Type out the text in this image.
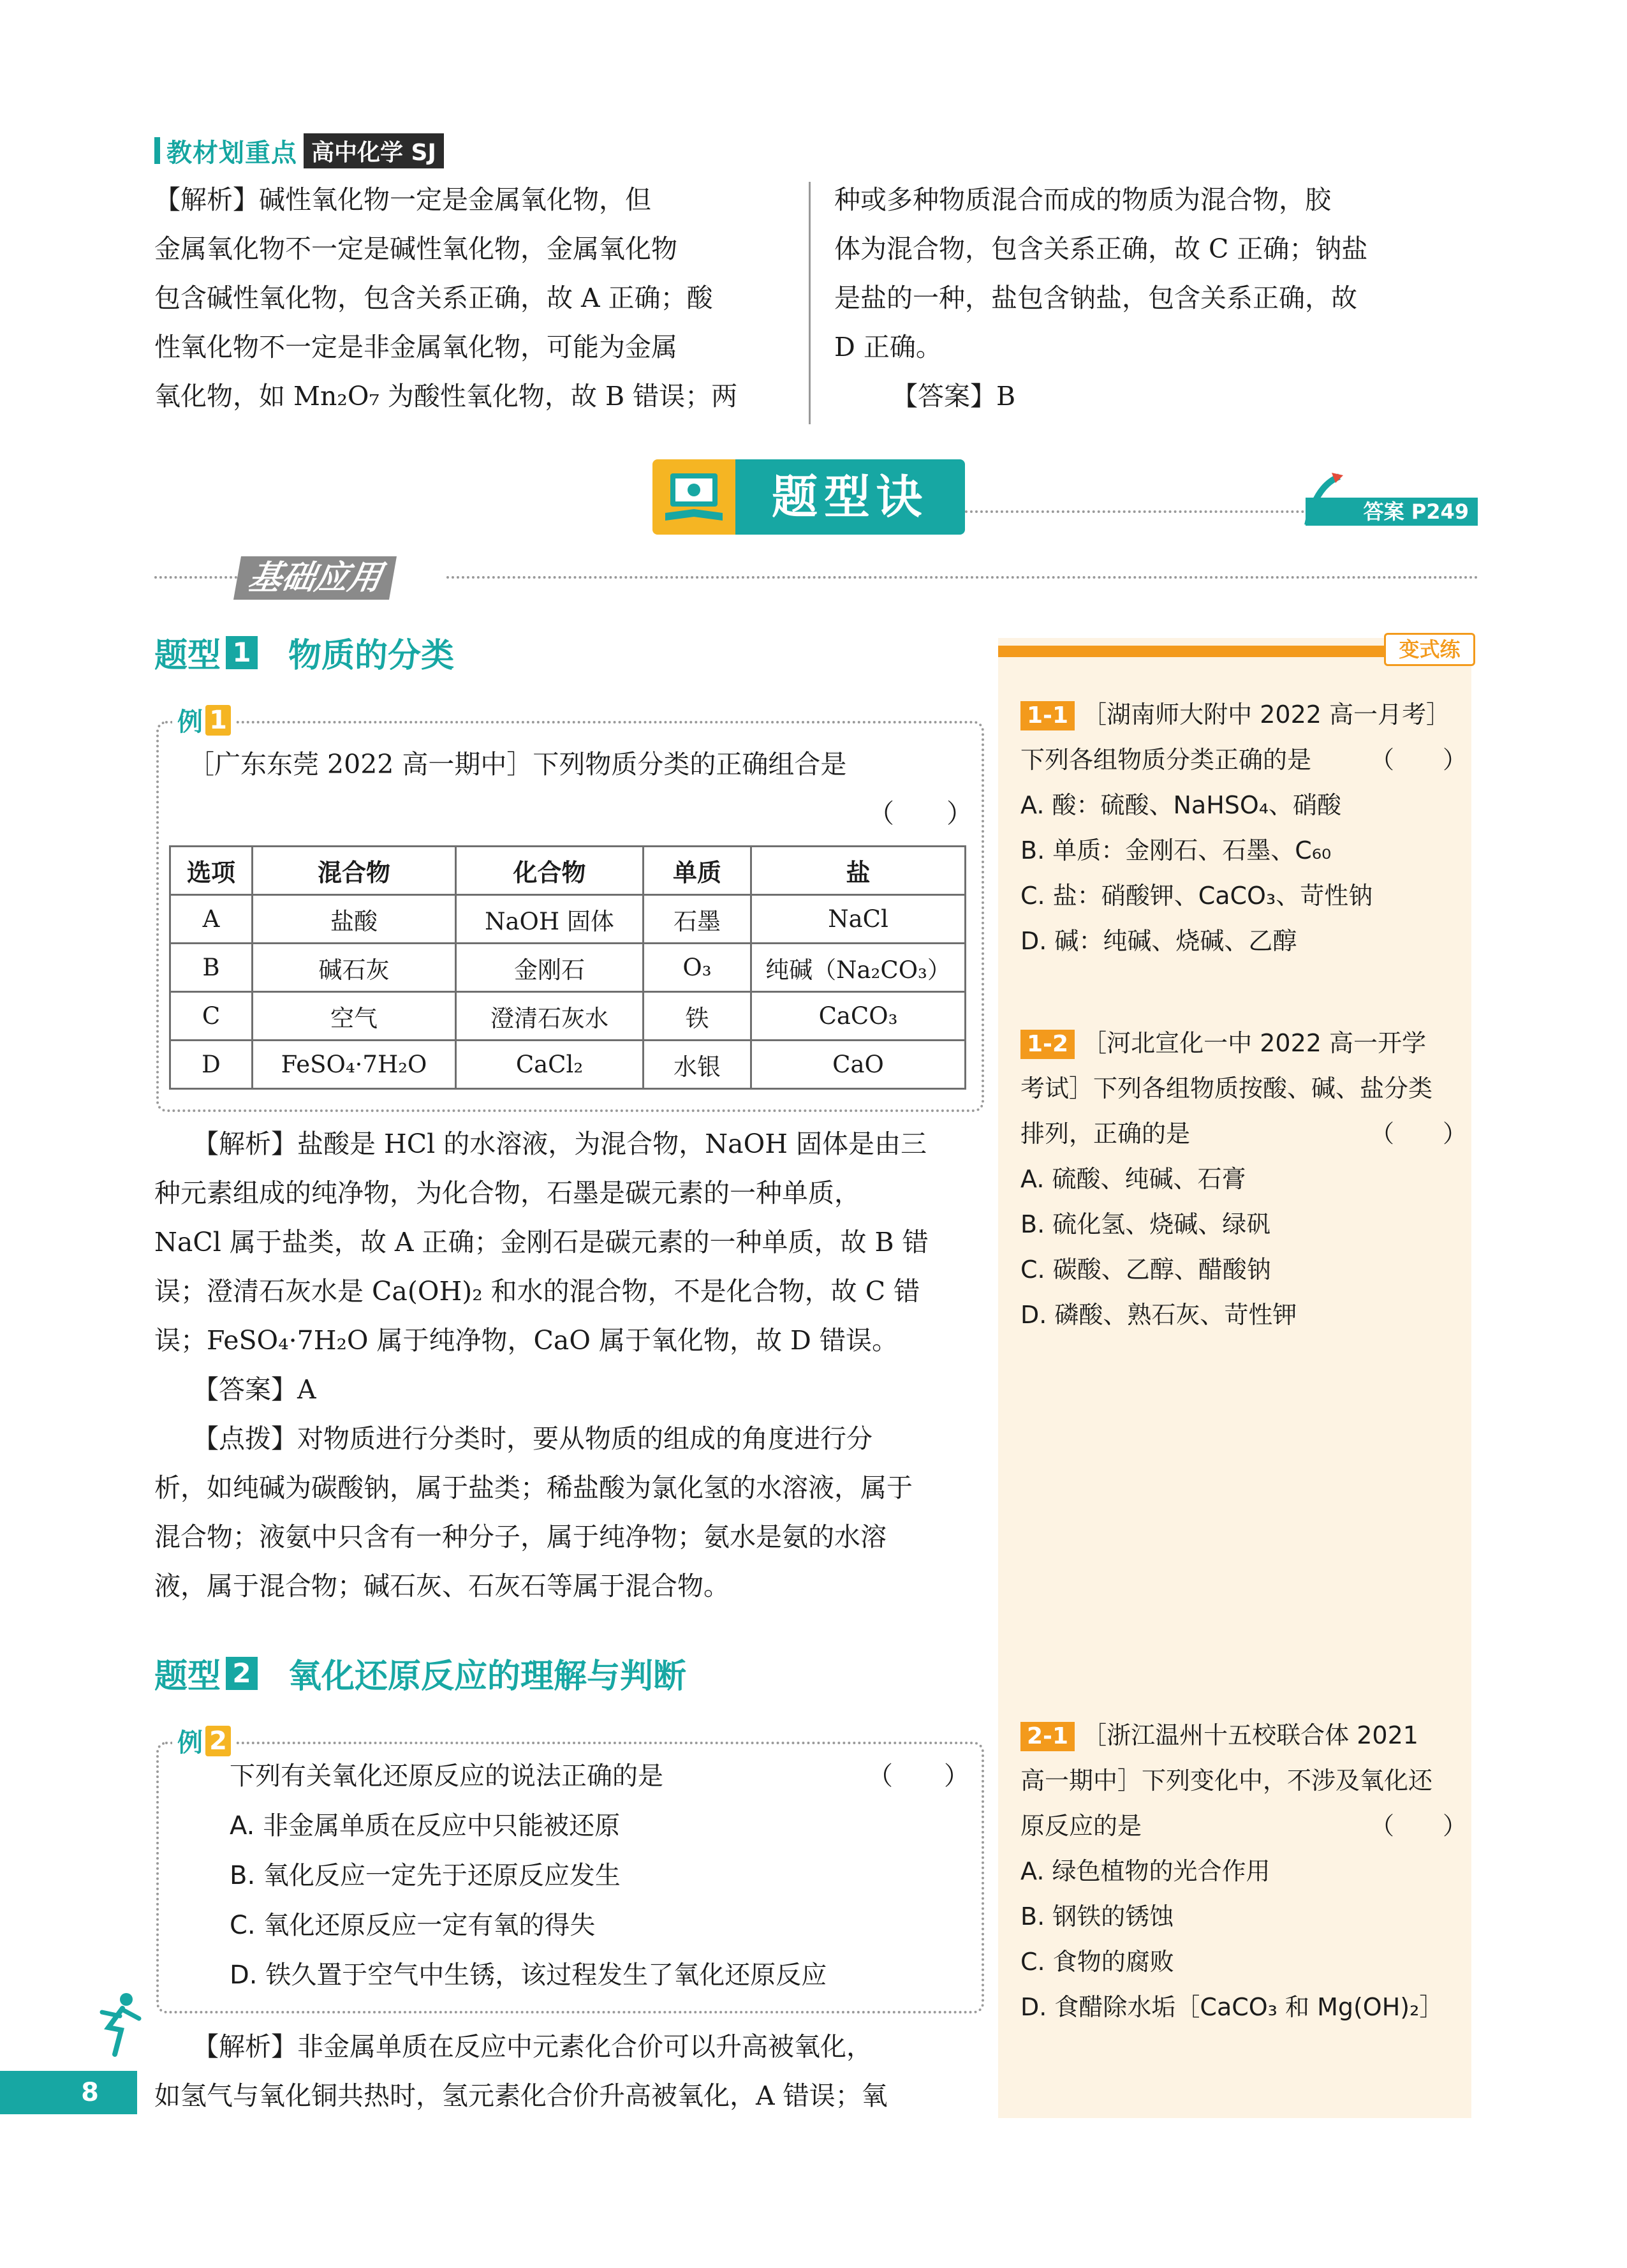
教材划重点 高中化学 SJ

【解析】碱性氧化物一定是金属氧化物，但

金属氧化物不一定是碱性氧化物，金属氧化物

包含碱性氧化物，包含关系正确，故 A 正确；酸

性氧化物不一定是非金属氧化物，可能为金属

氧化物，如 Mn₂O₇ 为酸性氧化物，故 B 错误；两

种或多种物质混合而成的物质为混合物，胶

体为混合物，包含关系正确，故 C 正确；钠盐

是盐的一种，盐包含钠盐，包含关系正确，故

D 正确。

【答案】B

题型诀	答案 P249
基础应用
变式练
题型 1 物质的分类
例 1

［广东东莞 2022 高一期中］下列物质分类的正确组合是

（　　）

选项	混合物	化合物	单质	盐
A	盐酸	NaOH 固体	石墨	NaCl
B	碱石灰	金刚石	O₃	纯碱（Na₂CO₃）
C	空气	澄清石灰水	铁	CaCO₃
D	FeSO₄·7H₂O	CaCl₂	水银	CaO

【解析】盐酸是 HCl 的水溶液，为混合物，NaOH 固体是由三

种元素组成的纯净物，为化合物，石墨是碳元素的一种单质，

NaCl 属于盐类，故 A 正确；金刚石是碳元素的一种单质，故 B 错

误；澄清石灰水是 Ca(OH)₂ 和水的混合物，不是化合物，故 C 错

误；FeSO₄·7H₂O 属于纯净物，CaO 属于氧化物，故 D 错误。

【答案】A

【点拨】对物质进行分类时，要从物质的组成的角度进行分

析，如纯碱为碳酸钠，属于盐类；稀盐酸为氯化氢的水溶液，属于

混合物；液氨中只含有一种分子，属于纯净物；氨水是氨的水溶

液，属于混合物；碱石灰、石灰石等属于混合物。

题型 2 氧化还原反应的理解与判断
例 2
下列有关氧化还原反应的说法正确的是	（　　）
A. 非金属单质在反应中只能被还原
B. 氧化反应一定先于还原反应发生
C. 氧化还原反应一定有氧的得失
D. 铁久置于空气中生锈，该过程发生了氧化还原反应

【解析】非金属单质在反应中元素化合价可以升高被氧化，

如氢气与氧化铜共热时，氢元素化合价升高被氧化，A 错误；氧

1-1 ［湖南师大附中 2022 高一月考］

下列各组物质分类正确的是 （　　）

A. 酸：硫酸、NaHSO₄、硝酸

B. 单质：金刚石、石墨、C₆₀

C. 盐：硝酸钾、CaCO₃、苛性钠

D. 碱：纯碱、烧碱、乙醇

1-2 ［河北宣化一中 2022 高一开学

考试］下列各组物质按酸、碱、盐分类

排列，正确的是	（　　）

A. 硫酸、纯碱、石膏

B. 硫化氢、烧碱、绿矾

C. 碳酸、乙醇、醋酸钠

D. 磷酸、熟石灰、苛性钾

2-1 ［浙江温州十五校联合体 2021

高一期中］下列变化中，不涉及氧化还

原反应的是	（　　）

A. 绿色植物的光合作用

B. 钢铁的锈蚀

C. 食物的腐败

D. 食醋除水垢［CaCO₃ 和 Mg(OH)₂］

8
